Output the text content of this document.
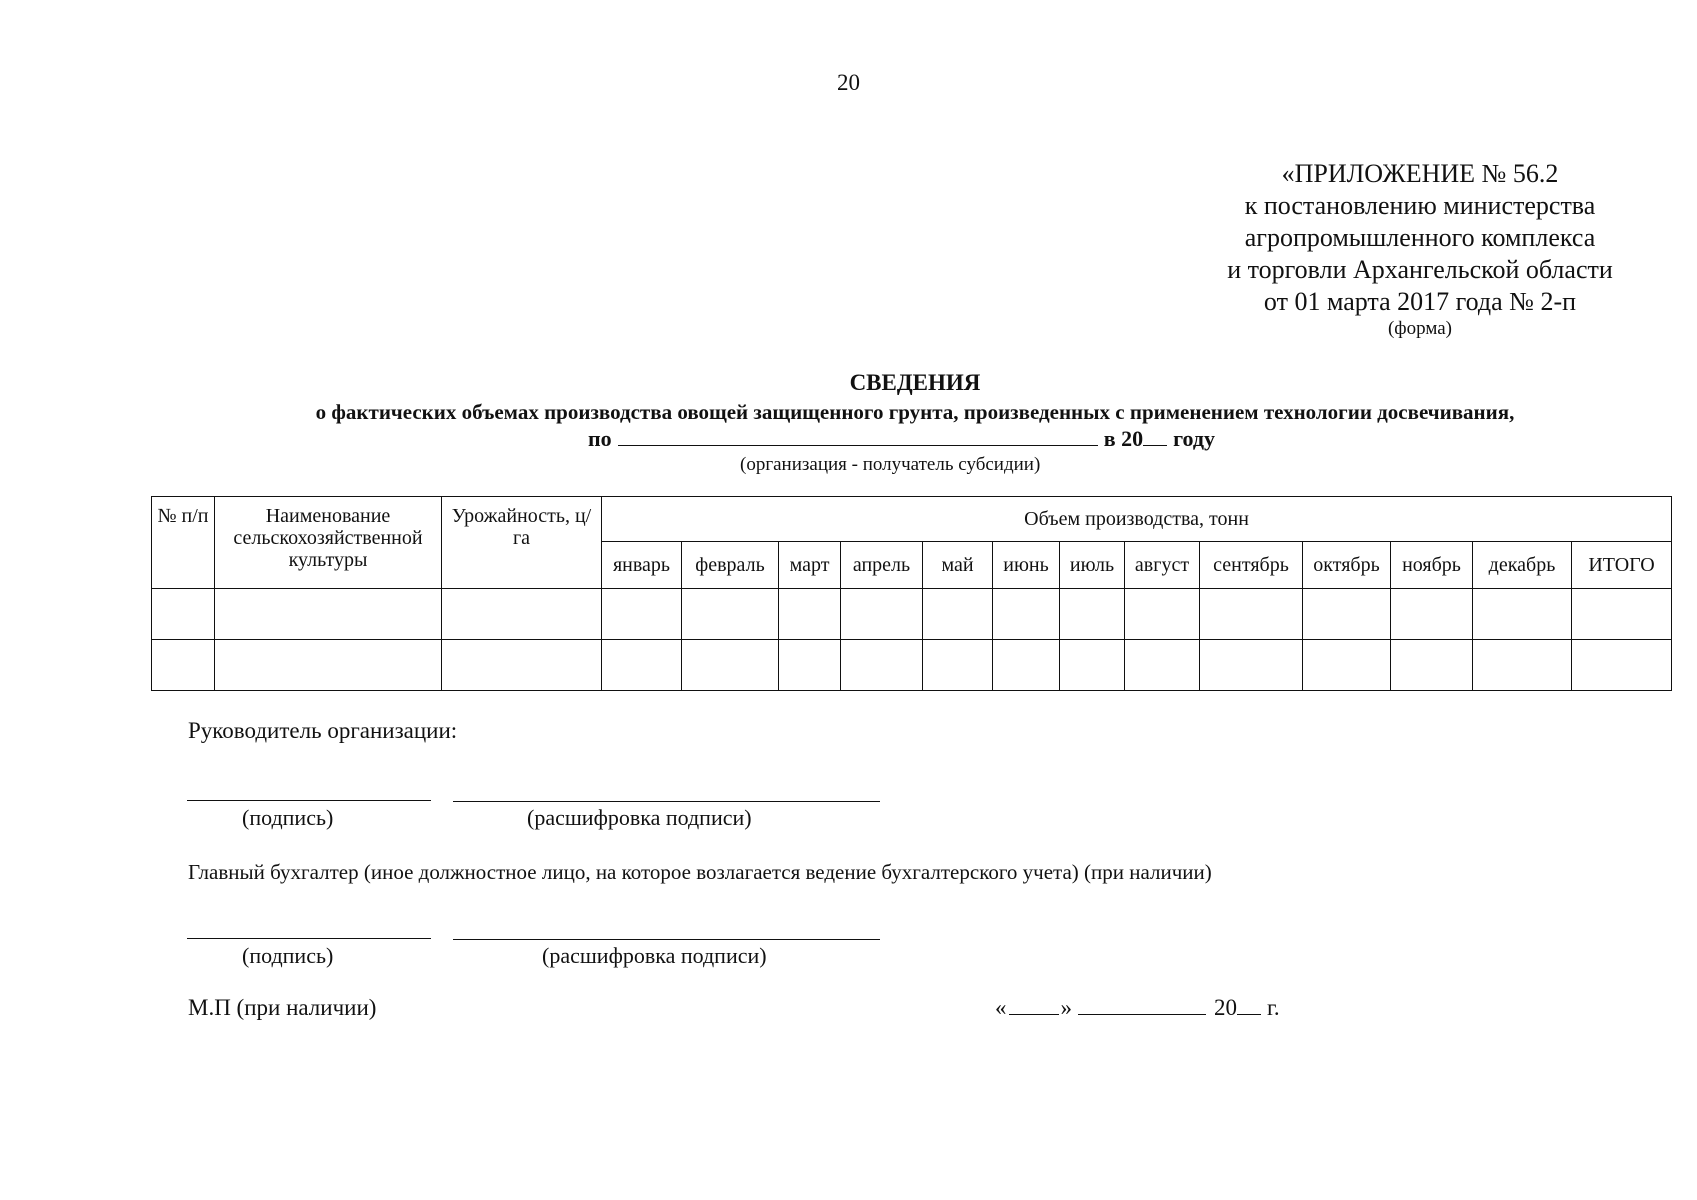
20
«ПРИЛОЖЕНИЕ № 56.2
к постановлению министерства
агропромышленного комплекса
и торговли Архангельской области
от 01 марта 2017 года № 2-п
(форма)
СВЕДЕНИЯ
о фактических объемах производства овощей защищенного грунта, произведенных с применением технологии досвечивания,
по	в 20 году
(организация - получатель субсидии)
№ п/п	Наименование сельскохозяйственной культуры	Урожайность, ц/га	Объем производства, тонн												
			январь	февраль	март	апрель	май	июнь	июль	август	сентябрь	октябрь	ноябрь	декабрь	ИТОГО

Руководитель организации:
(подпись)	(расшифровка подписи)
Главный бухгалтер (иное должностное лицо, на которое возлагается ведение бухгалтерского учета) (при наличии)
(подпись)	(расшифровка подписи)
М.П (при наличии)	« »	20 г.
